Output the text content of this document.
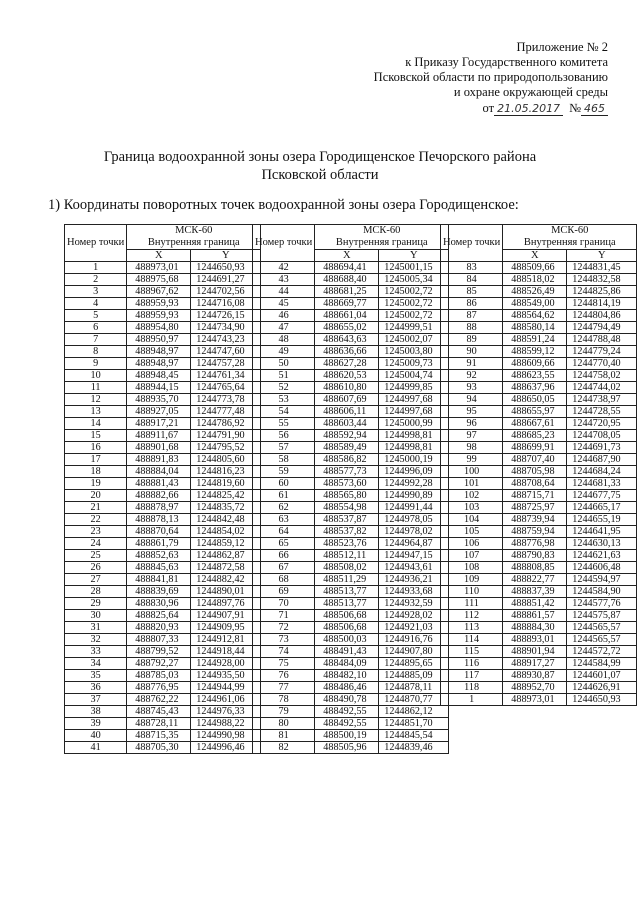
Приложение № 2
к Приказу Государственного комитета
Псковской области по природопользованию
и охране окружающей среды
от 21.05.2017 № 465
Граница водоохранной зоны озера Городищенское Печорского района
Псковской области
1) Координаты поворотных точек водоохранной зоны озера Городищенское:
Номер точки	МСК-60
Внутренняя граница	
	X	Y
1	488973,01	1244650,93
2	488975,68	1244691,27
3	488967,62	1244702,56
4	488959,93	1244716,08
5	488959,93	1244726,15
6	488954,80	1244734,90
7	488950,97	1244743,23
8	488948,97	1244747,60
9	488948,97	1244757,28
10	488948,45	1244761,34
11	488944,15	1244765,64
12	488935,70	1244773,78
13	488927,05	1244777,48
14	488917,21	1244786,92
15	488911,67	1244791,90
16	488901,68	1244795,52
17	488891,83	1244805,60
18	488884,04	1244816,23
19	488881,43	1244819,60
20	488882,66	1244825,42
21	488878,97	1244835,72
22	488878,13	1244842,48
23	488870,64	1244854,02
24	488861,79	1244859,12
25	488852,63	1244862,87
26	488845,63	1244872,58
27	488841,81	1244882,42
28	488839,69	1244890,01
29	488830,96	1244897,76
30	488825,64	1244907,91
31	488820,93	1244909,95
32	488807,33	1244912,81
33	488799,52	1244918,44
34	488792,27	1244928,00
35	488785,03	1244935,50
36	488776,95	1244944,99
37	488762,22	1244961,06
38	488745,43	1244976,33
39	488728,11	1244988,22
40	488715,35	1244990,98
41	488705,30	1244996,46
Номер точки	МСК-60
Внутренняя граница	
	X	Y
42	488694,41	1245001,15
43	488688,40	1245005,34
44	488681,25	1245002,72
45	488669,77	1245002,72
46	488661,04	1245002,72
47	488655,02	1244999,51
48	488643,63	1245002,07
49	488636,66	1245003,80
50	488627,28	1245009,73
51	488620,53	1245004,74
52	488610,80	1244999,85
53	488607,69	1244997,68
54	488606,11	1244997,68
55	488603,44	1245000,99
56	488592,94	1244998,81
57	488589,49	1244998,81
58	488586,82	1245000,19
59	488577,73	1244996,09
60	488573,60	1244992,28
61	488565,80	1244990,89
62	488554,98	1244991,44
63	488537,87	1244978,05
64	488537,82	1244978,02
65	488523,76	1244964,87
66	488512,11	1244947,15
67	488508,02	1244943,61
68	488511,29	1244936,21
69	488513,77	1244933,68
70	488513,77	1244932,59
71	488506,68	1244928,02
72	488506,68	1244921,03
73	488500,03	1244916,76
74	488491,43	1244907,80
75	488484,09	1244895,65
76	488482,10	1244885,09
77	488486,46	1244878,11
78	488490,78	1244870,77
79	488492,55	1244862,12
80	488492,55	1244851,70
81	488500,19	1244845,54
82	488505,96	1244839,46
Номер точки	МСК-60
Внутренняя граница	
	X	Y
83	488509,66	1244831,45
84	488518,02	1244832,58
85	488526,49	1244825,86
86	488549,00	1244814,19
87	488564,62	1244804,86
88	488580,14	1244794,49
89	488591,24	1244788,48
90	488599,12	1244779,24
91	488609,66	1244770,40
92	488623,55	1244758,02
93	488637,96	1244744,02
94	488650,05	1244738,97
95	488655,97	1244728,55
96	488667,61	1244720,95
97	488685,23	1244708,05
98	488699,91	1244691,73
99	488707,40	1244687,90
100	488705,98	1244684,24
101	488708,64	1244681,33
102	488715,71	1244677,75
103	488725,97	1244665,17
104	488739,94	1244655,19
105	488759,94	1244641,95
106	488776,98	1244630,13
107	488790,83	1244621,63
108	488808,85	1244606,48
109	488822,77	1244594,97
110	488837,39	1244584,90
111	488851,42	1244577,76
112	488861,57	1244575,87
113	488884,30	1244565,57
114	488893,01	1244565,57
115	488901,94	1244572,72
116	488917,27	1244584,99
117	488930,87	1244601,07
118	488952,70	1244626,91
1	488973,01	1244650,93
